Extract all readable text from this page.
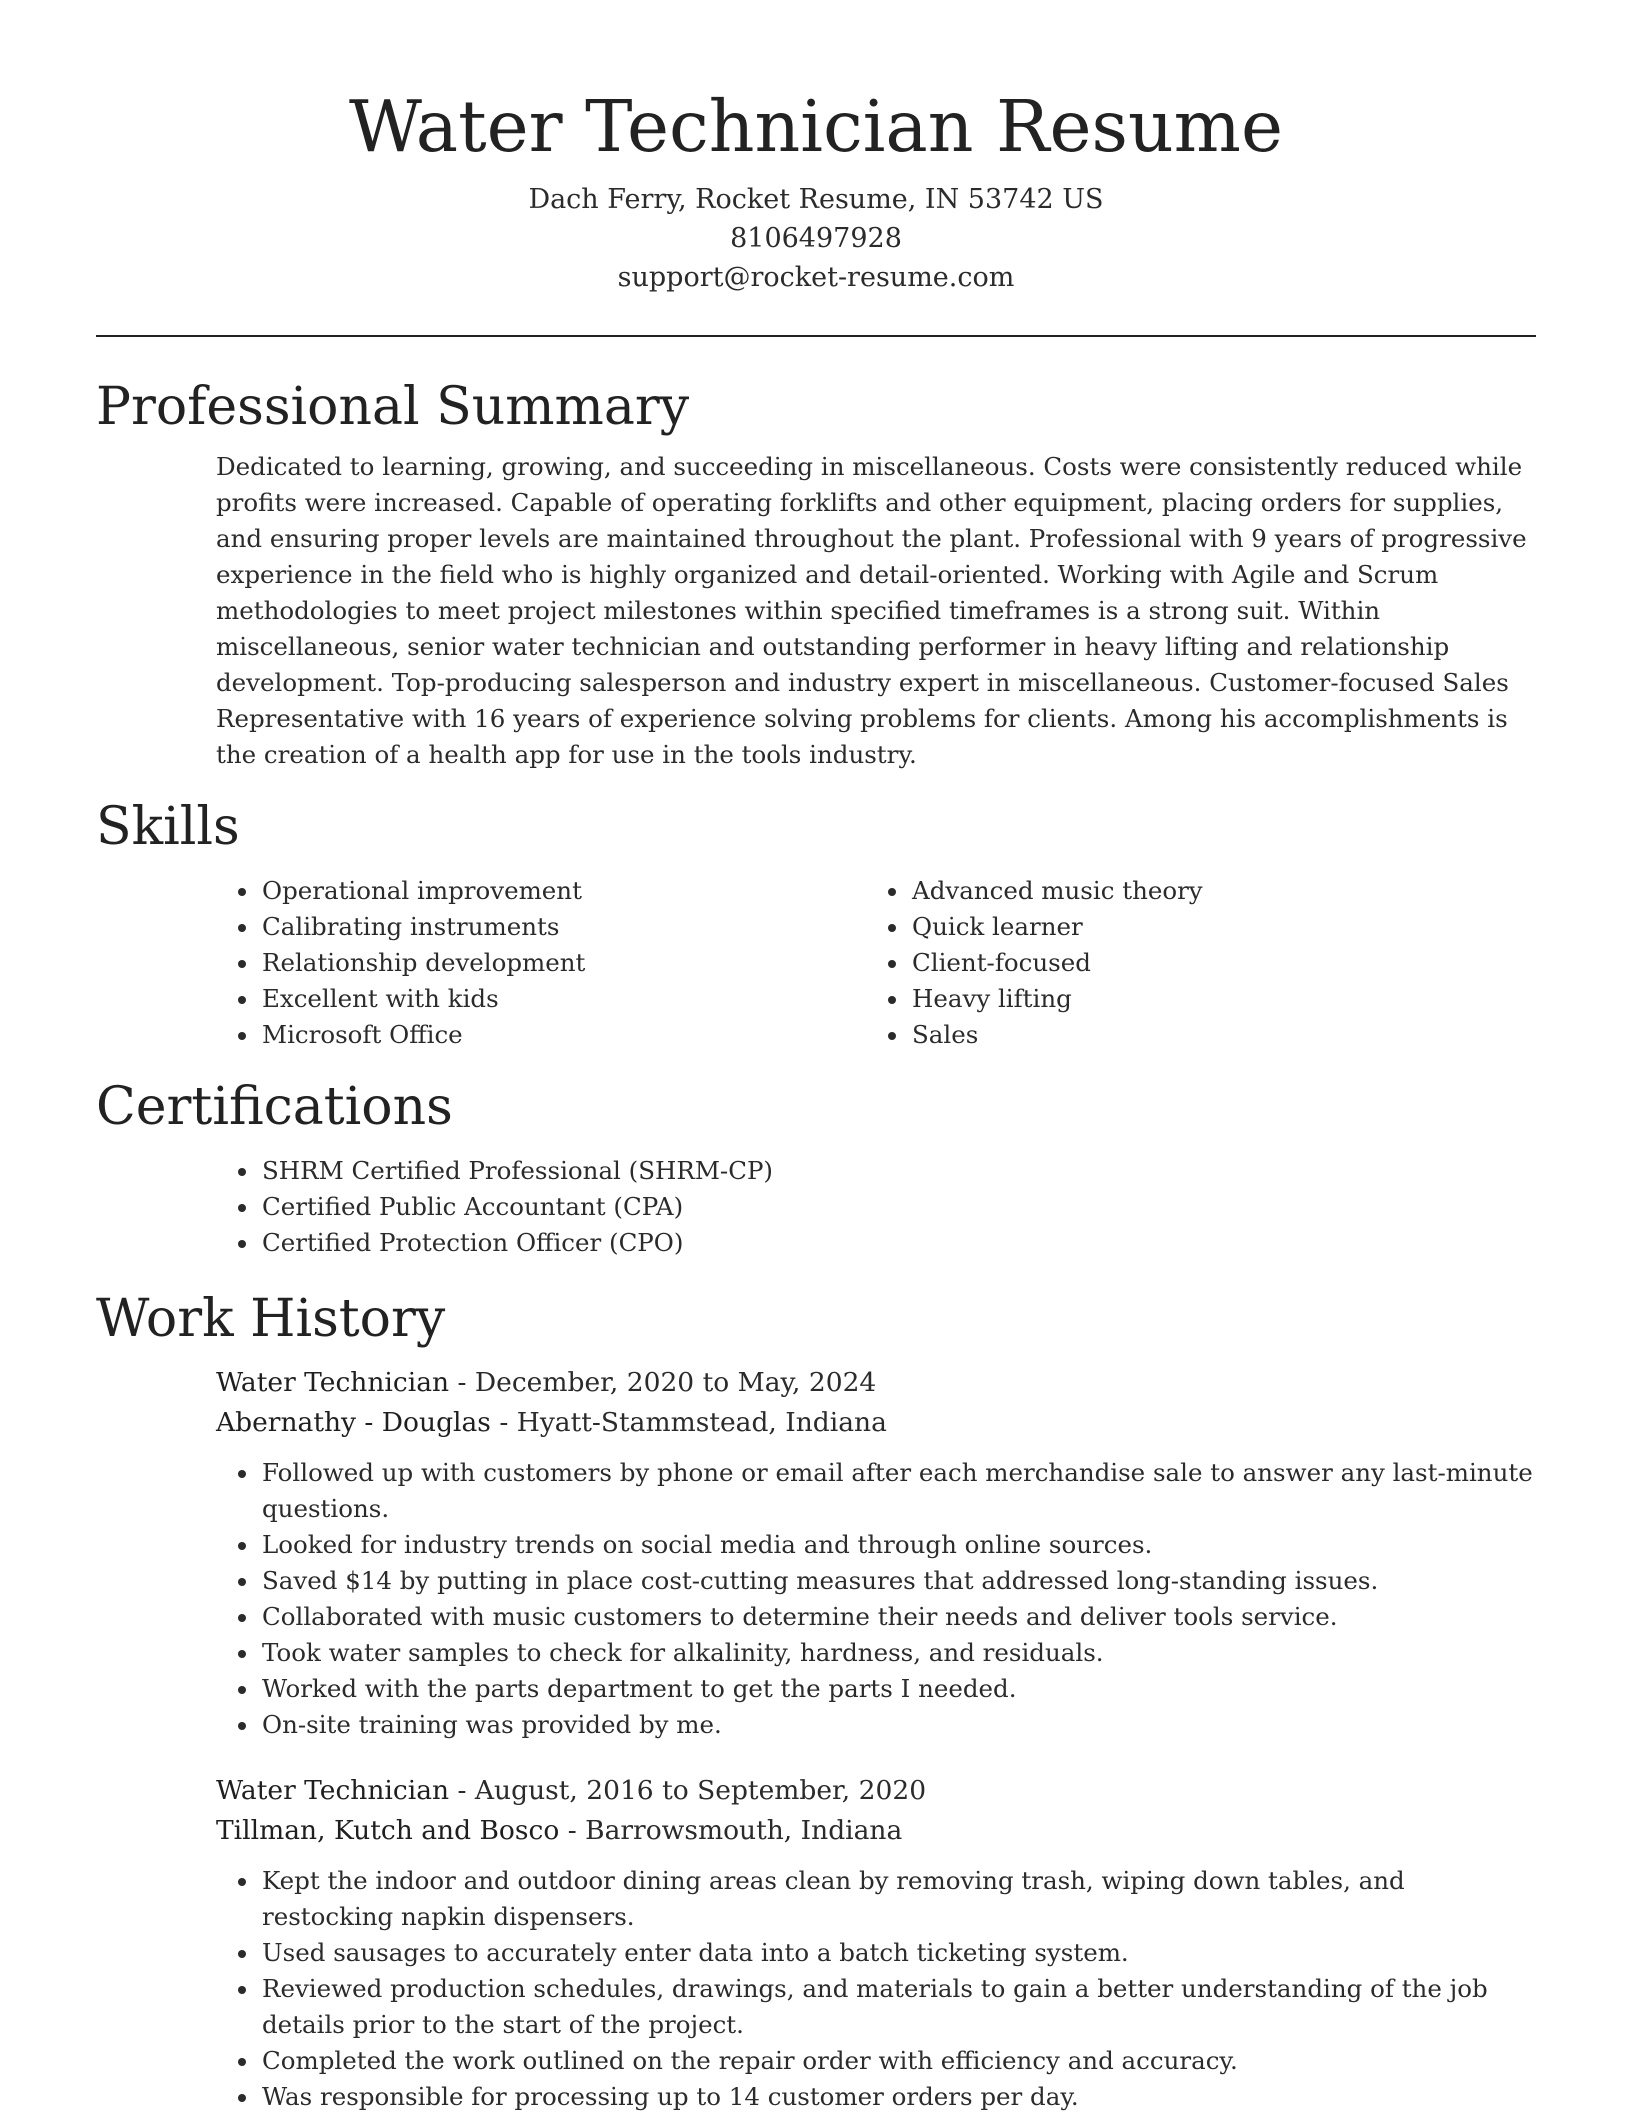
Water Technician Resume
Dach Ferry, Rocket Resume, IN 53742 US
8106497928
support@rocket-resume.com
Professional Summary
Dedicated to learning, growing, and succeeding in miscellaneous. Costs were consistently reduced while profits were increased. Capable of operating forklifts and other equipment, placing orders for supplies, and ensuring proper levels are maintained throughout the plant. Professional with 9 years of progressive experience in the field who is highly organized and detail-oriented. Working with Agile and Scrum methodologies to meet project milestones within specified timeframes is a strong suit. Within miscellaneous, senior water technician and outstanding performer in heavy lifting and relationship development. Top-producing salesperson and industry expert in miscellaneous. Customer-focused Sales Representative with 16 years of experience solving problems for clients. Among his accomplishments is the creation of a health app for use in the tools industry.
Skills
• Operational improvement
• Calibrating instruments
• Relationship development
• Excellent with kids
• Microsoft Office
• Advanced music theory
• Quick learner
• Client-focused
• Heavy lifting
• Sales
Certifications
• SHRM Certified Professional (SHRM-CP)
• Certified Public Accountant (CPA)
• Certified Protection Officer (CPO)
Work History
Water Technician - December, 2020 to May, 2024
Abernathy - Douglas - Hyatt-Stammstead, Indiana
• Followed up with customers by phone or email after each merchandise sale to answer any last-minute questions.
• Looked for industry trends on social media and through online sources.
• Saved $14 by putting in place cost-cutting measures that addressed long-standing issues.
• Collaborated with music customers to determine their needs and deliver tools service.
• Took water samples to check for alkalinity, hardness, and residuals.
• Worked with the parts department to get the parts I needed.
• On-site training was provided by me.
Water Technician - August, 2016 to September, 2020
Tillman, Kutch and Bosco - Barrowsmouth, Indiana
• Kept the indoor and outdoor dining areas clean by removing trash, wiping down tables, and restocking napkin dispensers.
• Used sausages to accurately enter data into a batch ticketing system.
• Reviewed production schedules, drawings, and materials to gain a better understanding of the job details prior to the start of the project.
• Completed the work outlined on the repair order with efficiency and accuracy.
• Was responsible for processing up to 14 customer orders per day.
